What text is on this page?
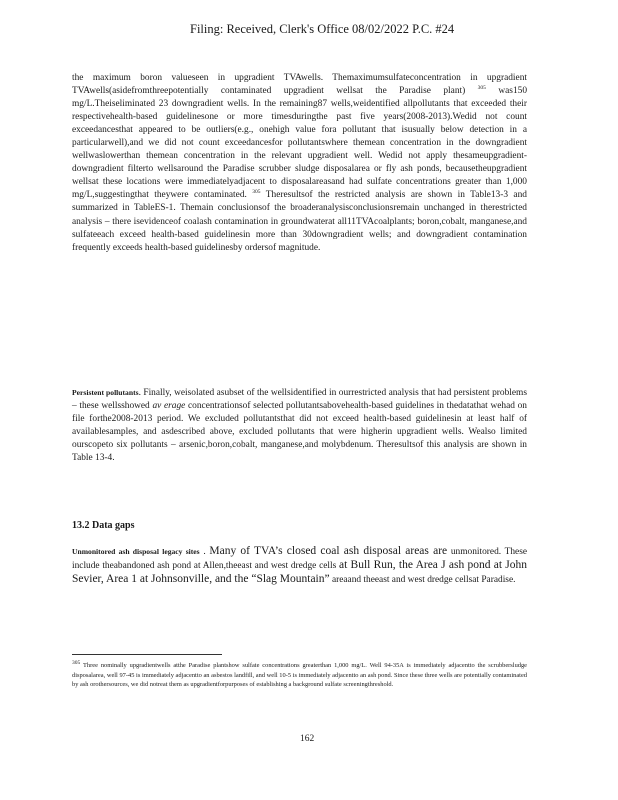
Filing: Received, Clerk's Office 08/02/2022 P.C. #24
the maximum boron valueseen in upgradient TVAwells. Themaximumsulfateconcentration in upgradient TVAwells(asidefromthreepotentially contaminated upgradient wellsat the Paradise plant) $^{305}$ was150 mg/L.Theiseliminated 23 downgradient wells. In the remaining87 wells,weidentified allpollutants that exceeded their respectivehealth-based guidelinesone or more timesduringthe past five years(2008-2013).Wedid not count exceedancesthat appeared to be outliers(e.g., onehigh value fora pollutant that isusually below detection in a particularwell),and we did not count exceedancesfor pollutantswhere themean concentration in the downgradient wellwaslowerthan themean concentration in the relevant upgradient well. Wedid not apply thesameupgradient-downgradient filterto wellsaround the Paradise scrubber sludge disposalarea or fly ash ponds, becausetheupgradient wellsat these locations were immediatelyadjacent to disposalareasand had sulfate concentrations greater than 1,000 mg/L,suggestingthat theywere contaminated. $^{305}$ Theresultsof the restricted analysis are shown in Table13-3 and summarized in TableES-1. Themain conclusionsof the broaderanalysisconclusionsremain unchanged in therestricted analysis – there isevidenceof coalash contamination in groundwaterat all11TVAcoalplants; boron,cobalt, manganese,and sulfateeach exceed health-based guidelinesin more than 30downgradient wells; and downgradient contamination frequently exceeds health-based guidelinesby ordersof magnitude.
Persistent pollutants. Finally, weisolated asubset of the wellsidentified in ourrestricted analysis that had persistent problems – these wellsshowed av erage concentrationsof selected pollutantsabovehealth-based guidelines in thedatathat wehad on file forthe2008-2013 period. We excluded pollutantsthat did not exceed health-based guidelinesin at least half of availablesamples, and asdescribed above, excluded pollutants that were higherin upgradient wells. Wealso limited ourscopeto six pollutants – arsenic,boron,cobalt, manganese,and molybdenum. Theresultsof this analysis are shown in Table 13-4.
13.2 Data gaps
Unmonitored ash disposal legacy sites . Many of TVA’s closed coal ash disposal areas are unmonitored. These include theabandoned ash pond at Allen,theeast and west dredge cells at Bull Run, the Area J ash pond at John Sevier, Area 1 at Johnsonville, and the “Slag Mountain” areaand theeast and west dredge cellsat Paradise.
$^{305}$ Three nominally upgradientwells atthe Paradise plantshow sulfate concentrations greaterthan 1,000 mg/L. Well 94-35A is immediately adjacentto the scrubbersludge disposalarea, well 97-45 is immediately adjacentto an asbestos landfill, and well 10-5 is immediately adjacentto an ash pond. Since these three wells are potentially contaminated by ash orothersources, we did notreat them as upgradientforpurposes of establishing a background sulfate screeningthreshold.
162
